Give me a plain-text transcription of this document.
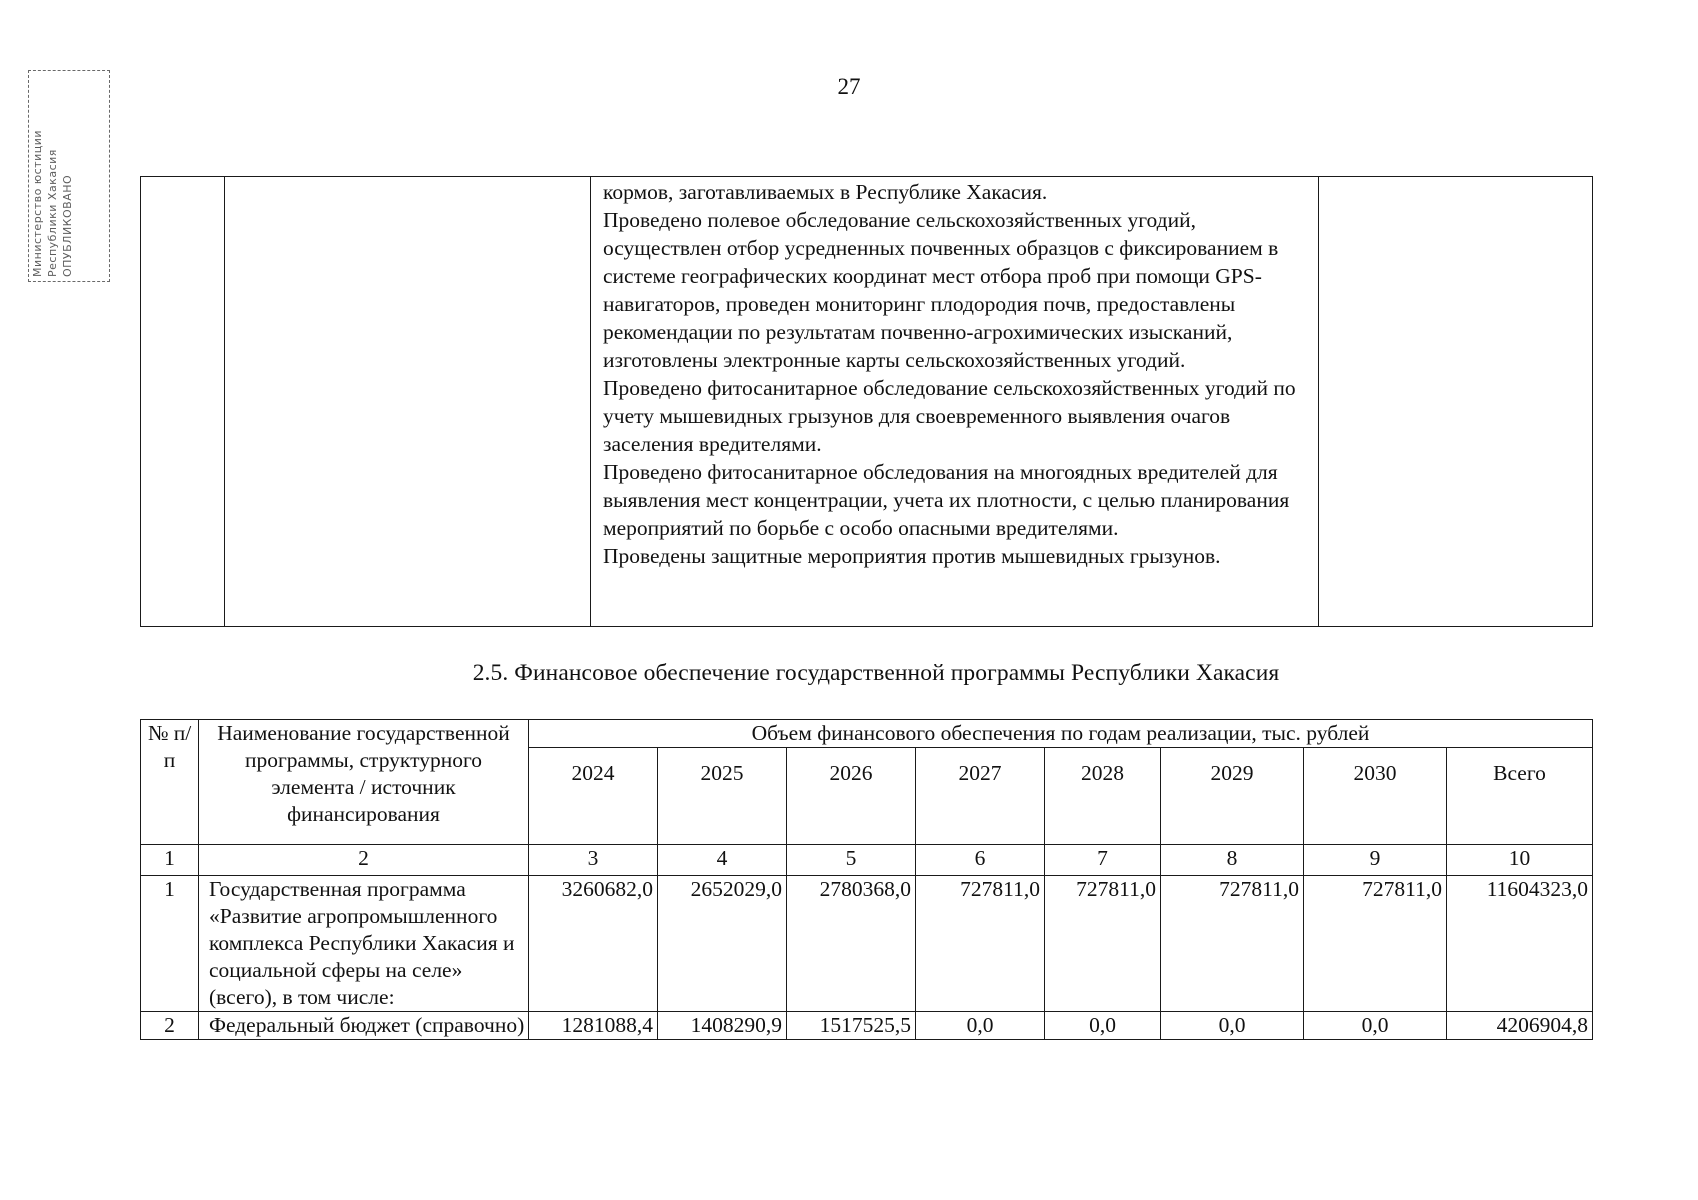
27
Министерство юстиции Республики Хакасия ОПУБЛИКОВАНО
			кормов, заготавливаемых в Республике Хакасия.

Проведено полевое обследование сельскохозяйственных угодий, осуществлен отбор усредненных почвенных образцов с фиксированием в системе географических координат мест отбора проб при помощи GPS-навигаторов, проведен мониторинг плодородия почв, предоставлены рекомендации по результатам почвенно-агрохимических изысканий, изготовлены электронные карты сельскохозяйственных угодий.

Проведено фитосанитарное обследование сельскохозяйственных угодий по учету мышевидных грызунов для своевременного выявления очагов заселения вредителями.

Проведено фитосанитарное обследования на многоядных вредителей для выявления мест концентрации, учета их плотности, с целью планирования мероприятий по борьбе с особо опасными вредителями.

Проведены защитные мероприятия против мышевидных грызунов.

2.5. Финансовое обеспечение государственной программы Республики Хакасия
№ п/п	Наименование государственной программы, структурного элемента / источник финансирования	Объем финансового обеспечения по годам реализации, тыс. рублей							
		2024	2025	2026	2027	2028	2029	2030	Всего
1	2	3	4	5	6	7	8	9	10
1	Государственная программа «Развитие агропромышленного комплекса Республики Хакасия и социальной сферы на селе» (всего), в том числе:	3260682,0	2652029,0	2780368,0	727811,0	727811,0	727811,0	727811,0	11604323,0
2	Федеральный бюджет (справочно)	1281088,4	1408290,9	1517525,5	0,0	0,0	0,0	0,0	4206904,8
